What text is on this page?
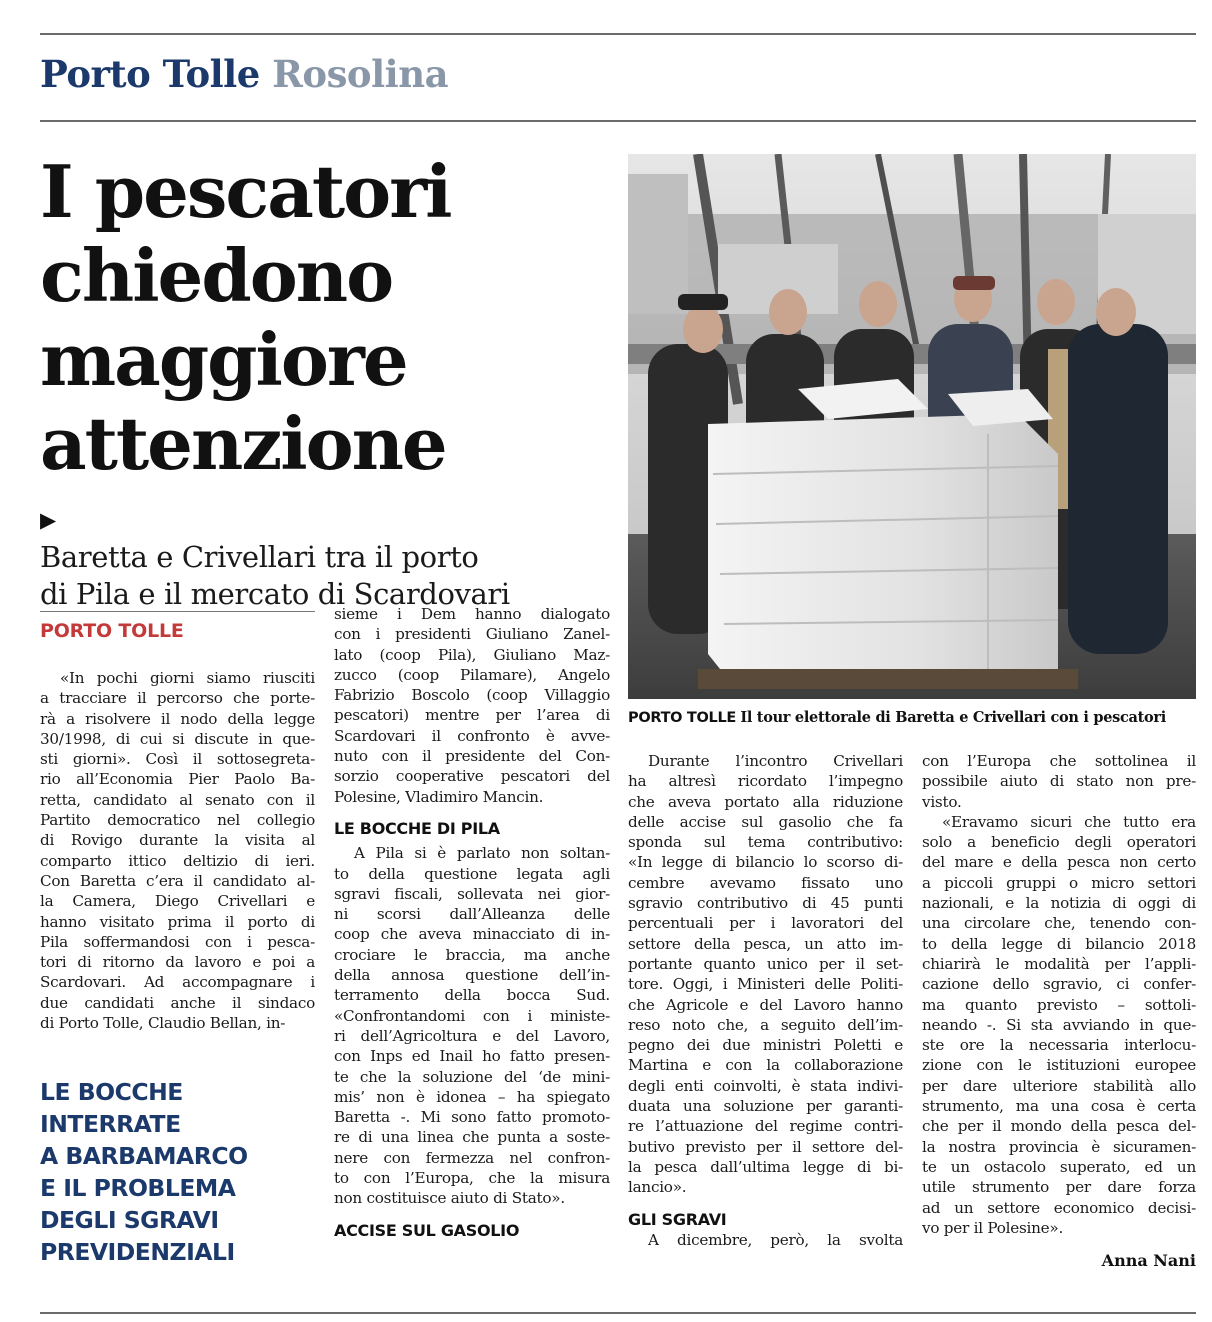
Porto Tolle Rosolina
I pescatori
chiedono
maggiore
attenzione
▶
Baretta e Crivellari tra il porto
di Pila e il mercato di Scardovari
PORTO TOLLE
«In pochi giorni siamo riusciti
a tracciare il percorso che porte-
rà a risolvere il nodo della legge
30/1998, di cui si discute in que-
sti giorni». Così il sottosegreta-
rio all’Economia Pier Paolo Ba-
retta, candidato al senato con il
Partito democratico nel collegio
di Rovigo durante la visita al
comparto ittico deltizio di ieri.
Con Baretta c’era il candidato al-
la Camera, Diego Crivellari e
hanno visitato prima il porto di
Pila soffermandosi con i pesca-
tori di ritorno da lavoro e poi a
Scardovari. Ad accompagnare i
due candidati anche il sindaco
di Porto Tolle, Claudio Bellan, in-
LE BOCCHE
INTERRATE
A BARBAMARCO
E IL PROBLEMA
DEGLI SGRAVI
PREVIDENZIALI
sieme i Dem hanno dialogato
con i presidenti Giuliano Zanel-
lato (coop Pila), Giuliano Maz-
zucco (coop Pilamare), Angelo
Fabrizio Boscolo (coop Villaggio
pescatori) mentre per l’area di
Scardovari il confronto è avve-
nuto con il presidente del Con-
sorzio cooperative pescatori del
Polesine, Vladimiro Mancin.
LE BOCCHE DI PILA
A Pila si è parlato non soltan-
to della questione legata agli
sgravi fiscali, sollevata nei gior-
ni scorsi dall’Alleanza delle
coop che aveva minacciato di in-
crociare le braccia, ma anche
della annosa questione dell’in-
terramento della bocca Sud.
«Confrontandomi con i ministe-
ri dell’Agricoltura e del Lavoro,
con Inps ed Inail ho fatto presen-
te che la soluzione del ‘de mini-
mis’ non è idonea – ha spiegato
Baretta -. Mi sono fatto promoto-
re di una linea che punta a soste-
nere con fermezza nel confron-
to con l’Europa, che la misura
non costituisce aiuto di Stato».
ACCISE SUL GASOLIO
PORTO TOLLE Il tour elettorale di Baretta e Crivellari con i pescatori
Durante l’incontro Crivellari
ha altresì ricordato l’impegno
che aveva portato alla riduzione
delle accise sul gasolio che fa
sponda sul tema contributivo:
«In legge di bilancio lo scorso di-
cembre avevamo fissato uno
sgravio contributivo di 45 punti
percentuali per i lavoratori del
settore della pesca, un atto im-
portante quanto unico per il set-
tore. Oggi, i Ministeri delle Politi-
che Agricole e del Lavoro hanno
reso noto che, a seguito dell’im-
pegno dei due ministri Poletti e
Martina e con la collaborazione
degli enti coinvolti, è stata indivi-
duata una soluzione per garanti-
re l’attuazione del regime contri-
butivo previsto per il settore del-
la pesca dall’ultima legge di bi-
lancio».
GLI SGRAVI
A dicembre, però, la svolta
con l’Europa che sottolinea il
possibile aiuto di stato non pre-
visto.
«Eravamo sicuri che tutto era
solo a beneficio degli operatori
del mare e della pesca non certo
a piccoli gruppi o micro settori
nazionali, e la notizia di oggi di
una circolare che, tenendo con-
to della legge di bilancio 2018
chiarirà le modalità per l’appli-
cazione dello sgravio, ci confer-
ma quanto previsto – sottoli-
neando -. Si sta avviando in que-
ste ore la necessaria interlocu-
zione con le istituzioni europee
per dare ulteriore stabilità allo
strumento, ma una cosa è certa
che per il mondo della pesca del-
la nostra provincia è sicuramen-
te un ostacolo superato, ed un
utile strumento per dare forza
ad un settore economico decisi-
vo per il Polesine».
Anna Nani
